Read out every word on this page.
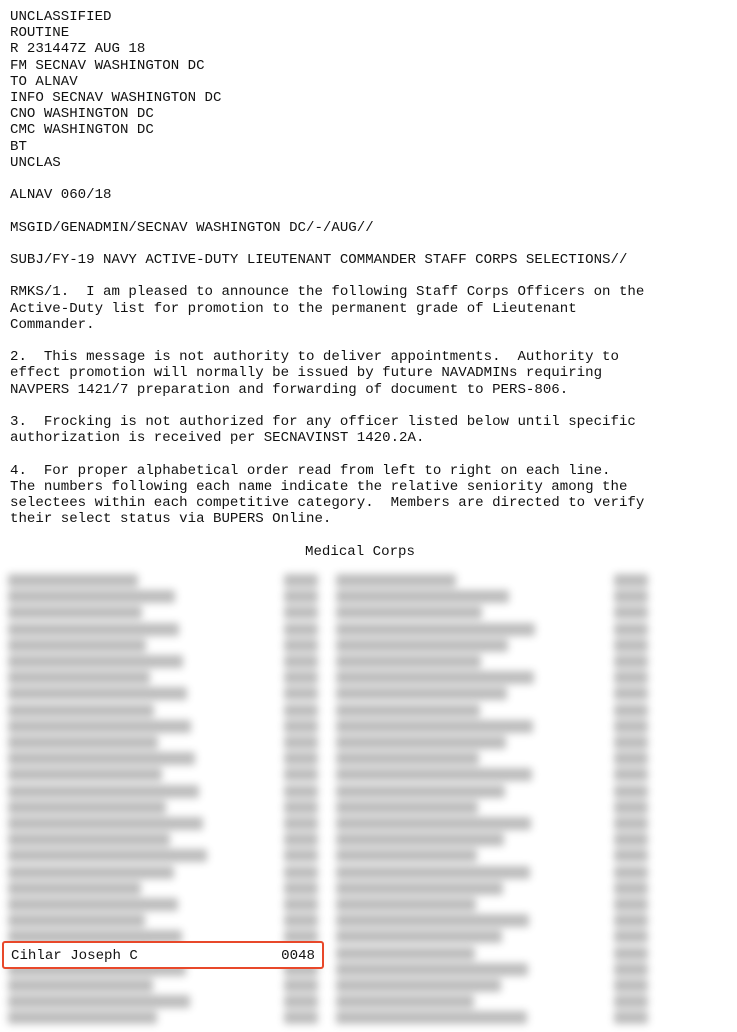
UNCLASSIFIED
ROUTINE
R 231447Z AUG 18
FM SECNAV WASHINGTON DC
TO ALNAV
INFO SECNAV WASHINGTON DC
CNO WASHINGTON DC
CMC WASHINGTON DC
BT
UNCLAS
ALNAV 060/18
MSGID/GENADMIN/SECNAV WASHINGTON DC/-/AUG//
SUBJ/FY-19 NAVY ACTIVE-DUTY LIEUTENANT COMMANDER STAFF CORPS SELECTIONS//
RMKS/1.  I am pleased to announce the following Staff Corps Officers on the
Active-Duty list for promotion to the permanent grade of Lieutenant
Commander.
2.  This message is not authority to deliver appointments.  Authority to
effect promotion will normally be issued by future NAVADMINs requiring
NAVPERS 1421/7 preparation and forwarding of document to PERS-806.
3.  Frocking is not authorized for any officer listed below until specific
authorization is received per SECNAVINST 1420.2A.
4.  For proper alphabetical order read from left to right on each line.
The numbers following each name indicate the relative seniority among the
selectees within each competitive category.  Members are directed to verify
their select status via BUPERS Online.
Medical Corps
Cihlar Joseph C	0048
